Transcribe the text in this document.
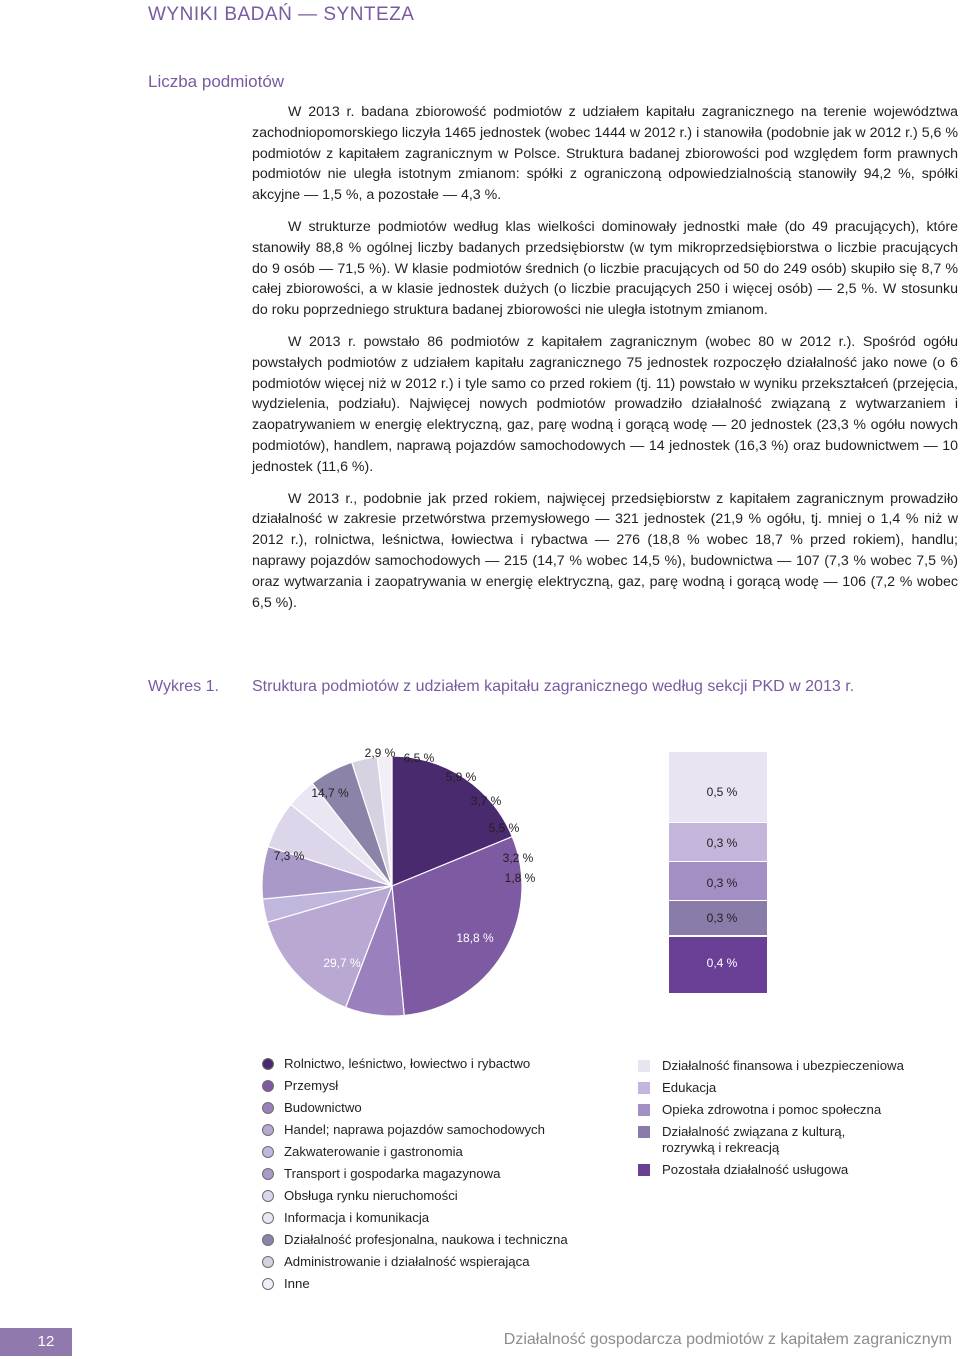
WYNIKI BADAŃ — SYNTEZA
Liczba podmiotów

W 2013 r. badana zbiorowość podmiotów z udziałem kapitału zagranicznego na terenie województwa zachodniopomorskiego liczyła 1465 jednostek (wobec 1444 w 2012 r.) i stanowiła (podobnie jak w 2012 r.) 5,6 % podmiotów z kapitałem zagranicznym w Polsce. Struktura badanej zbiorowości pod względem form prawnych podmiotów nie uległa istotnym zmianom: spółki z ograniczoną odpowiedzialnością stanowiły 94,2 %, spółki akcyjne — 1,5 %, a pozostałe — 4,3 %.

W strukturze podmiotów według klas wielkości dominowały jednostki małe (do 49 pracujących), które stanowiły 88,8 % ogólnej liczby badanych przedsiębiorstw (w tym mikroprzedsiębiorstwa o liczbie pracujących do 9 osób — 71,5 %). W klasie podmiotów średnich (o liczbie pracujących od 50 do 249 osób) skupiło się 8,7 % całej zbiorowości, a w klasie jednostek dużych (o liczbie pracujących 250 i więcej osób) — 2,5 %. W stosunku do roku poprzedniego struktura badanej zbiorowości nie uległa istotnym zmianom.

W 2013 r. powstało 86 podmiotów z kapitałem zagranicznym (wobec 80 w 2012 r.). Spośród ogółu powstałych podmiotów z udziałem kapitału zagranicznego 75 jednostek rozpoczęło działalność jako nowe (o 6 podmiotów więcej niż w 2012 r.) i tyle samo co przed rokiem (tj. 11) powstało w wyniku przekształceń (przejęcia, wydzielenia, podziału). Najwięcej nowych podmiotów prowadziło działalność związaną z wytwarzaniem i zaopatrywaniem w energię elektryczną, gaz, parę wodną i gorącą wodę — 20 jednostek (23,3 % ogółu nowych podmiotów), handlem, naprawą pojazdów samochodowych — 14 jednostek (16,3 %) oraz budownictwem — 10 jednostek (11,6 %).

W 2013 r., podobnie jak przed rokiem, najwięcej przedsiębiorstw z kapitałem zagranicznym prowadziło działalność w zakresie przetwórstwa przemysłowego — 321 jednostek (21,9 % ogółu, tj. mniej o 1,4 % niż w 2012 r.), rolnictwa, leśnictwa, łowiectwa i rybactwa — 276 (18,8 % wobec 18,7 % przed rokiem), handlu; naprawy pojazdów samochodowych — 215 (14,7 % wobec 14,5 %), budownictwa — 107 (7,3 % wobec 7,5 %) oraz wytwarzania i zaopatrywania w energię elektryczną, gaz, parę wodną i gorącą wodę — 106 (7,2 % wobec 6,5 %).

Wykres 1. Struktura podmiotów z udziałem kapitału zagranicznego według sekcji PKD w 2013 r.
18,8 %
29,7 %
7,3 %
14,7 %
2,9 % 6,5 %
5,9 %
3,7 %
5,5 %
3,2 %
1,8 %
0,5 %
0,3 %
0,3 %
0,3 %
0,4 %
Rolnictwo, leśnictwo, łowiectwo i rybactwo
Przemysł
Budownictwo
Handel; naprawa pojazdów samochodowych
Zakwaterowanie i gastronomia
Transport i gospodarka magazynowa
Obsługa rynku nieruchomości
Informacja i komunikacja
Działalność profesjonalna, naukowa i techniczna
Administrowanie i działalność wspierająca
Inne
Działalność finansowa i ubezpieczeniowa
Edukacja
Opieka zdrowotna i pomoc społeczna
Działalność związana z kulturą,
rozrywką i rekreacją
Pozostała działalność usługowa
12	Działalność gospodarcza podmiotów z kapitałem zagranicznym
